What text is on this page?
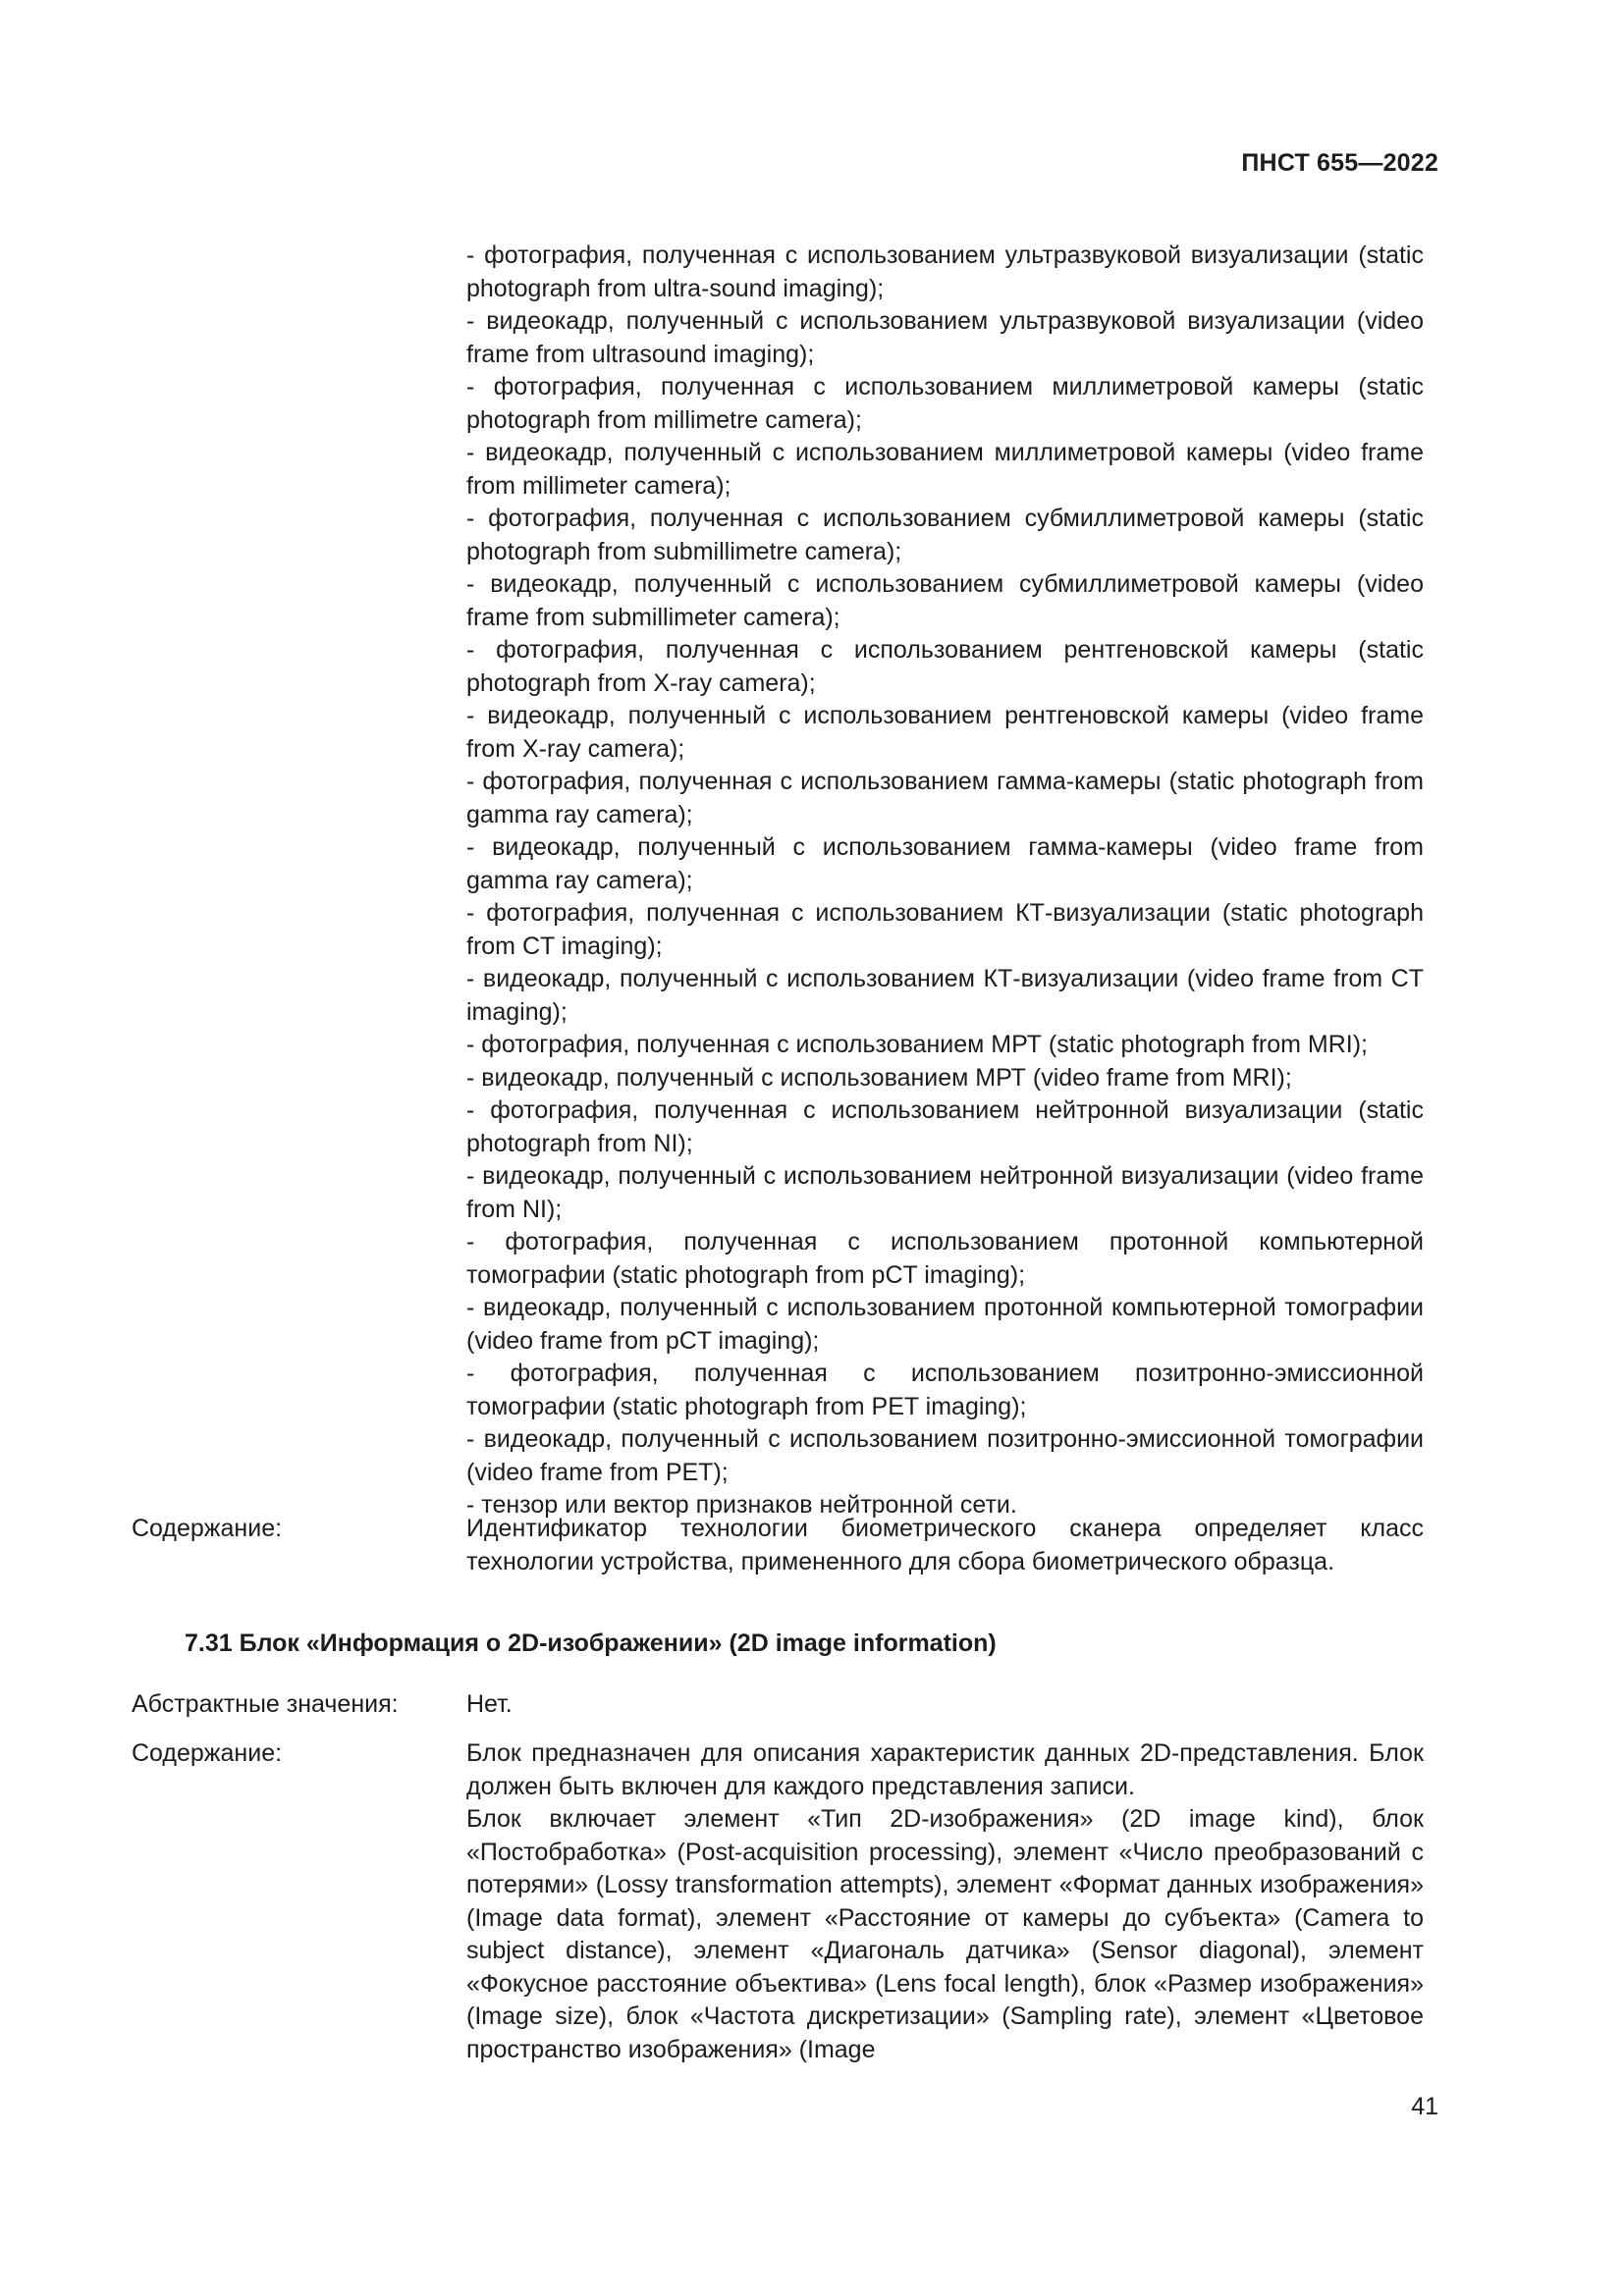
ПНСТ 655—2022
- фотография, полученная с использованием ультразвуковой визуализации (static photograph from ultra-sound imaging);
- видеокадр, полученный с использованием ультразвуковой визуализации (video frame from ultrasound imaging);
- фотография, полученная с использованием миллиметровой камеры (static photograph from millimetre camera);
- видеокадр, полученный с использованием миллиметровой камеры (video frame from millimeter camera);
- фотография, полученная с использованием субмиллиметровой камеры (static photograph from submillimetre camera);
- видеокадр, полученный с использованием субмиллиметровой камеры (video frame from submillimeter camera);
- фотография, полученная с использованием рентгеновской камеры (static photograph from X-ray camera);
- видеокадр, полученный с использованием рентгеновской камеры (video frame from X-ray camera);
- фотография, полученная с использованием гамма-камеры (static photograph from gamma ray camera);
- видеокадр, полученный с использованием гамма-камеры (video frame from gamma ray camera);
- фотография, полученная с использованием КТ-визуализации (static photograph from CT imaging);
- видеокадр, полученный с использованием КТ-визуализации (video frame from CT imaging);
- фотография, полученная с использованием МРТ (static photograph from MRI);
- видеокадр, полученный с использованием МРТ (video frame from MRI);
- фотография, полученная с использованием нейтронной визуализации (static photograph from NI);
- видеокадр, полученный с использованием нейтронной визуализации (video frame from NI);
- фотография, полученная с использованием протонной компьютерной томографии (static photograph from pCT imaging);
- видеокадр, полученный с использованием протонной компьютерной томографии (video frame from pCT imaging);
- фотография, полученная с использованием позитронно-эмиссионной томографии (static photograph from PET imaging);
- видеокадр, полученный с использованием позитронно-эмиссионной томографии (video frame from PET);
- тензор или вектор признаков нейтронной сети.
Содержание:	Идентификатор технологии биометрического сканера определяет класс технологии устройства, примененного для сбора биометрического образца.
7.31 Блок «Информация о 2D-изображении» (2D image information)
Абстрактные значения:	Нет.
Содержание:	Блок предназначен для описания характеристик данных 2D-представления. Блок должен быть включен для каждого представления записи.
Блок включает элемент «Тип 2D-изображения» (2D image kind), блок «Постобработка» (Post-acquisition processing), элемент «Число преобразований с потерями» (Lossy transformation attempts), элемент «Формат данных изображения» (Image data format), элемент «Расстояние от камеры до субъекта» (Camera to subject distance), элемент «Диагональ датчика» (Sensor diagonal), элемент «Фокусное расстояние объектива» (Lens focal length), блок «Размер изображения» (Image size), блок «Частота дискретизации» (Sampling rate), элемент «Цветовое пространство изображения» (Image
41
